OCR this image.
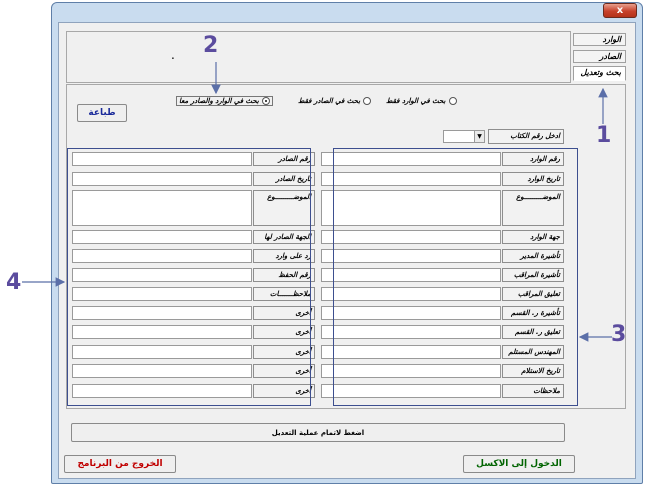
x
الوارد
الصادر
بحث وتعديل
.
بحث في الوارد فقط
بحث في الصادر فقط
بحث في الوارد والصادر معا
طباعة
▼	ادخل رقم الكتاب
رقم الوارد
تاريخ الوارد
الموضـــــــــوع
جهة الوارد
تأشيرة المدير
تأشيرة المراقب
تعليق المراقب
تأشيرة ر. القسم
تعليق ر. القسم
المهندس المستلم
تاريخ الاستلام
ملاحظات
رقم الصادر
تاريخ الصادر
الموضـــــــــوع
الجهة الصادر لها
رد على وارد
رقم الحفظ
ملاحظـــــــات
أخرى
أخرى
أخرى
أخرى
أخرى
اضغط لاتمام عملية التعديل
الخروج من البرنامج	الدخول إلى الاكسل
1
2
3
4
